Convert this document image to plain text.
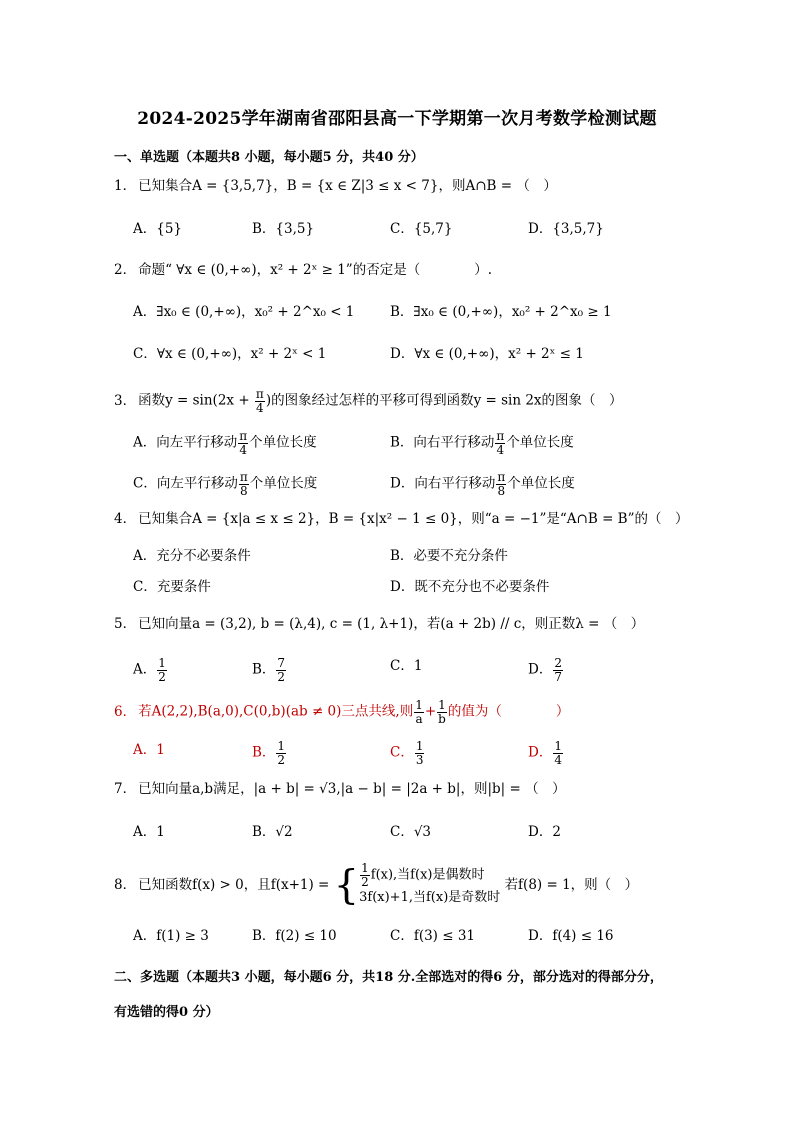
2024-2025学年湖南省邵阳县高一下学期第一次月考数学检测试题
一、单选题（本题共8 小题，每小题5 分，共40 分）
1． 已知集合A = {3,5,7}，B = {x ∈ Z|3 ≤ x < 7}，则A∩B = （　）
A．{5}	B．{3,5}	C．{5,7}	D．{3,5,7}
2． 命题“ ∀x ∈ (0,+∞)，x² + 2ˣ ≥ 1”的否定是（　　　　）.
A．∃x₀ ∈ (0,+∞)，x₀² + 2^x₀ < 1	B．∃x₀ ∈ (0,+∞)，x₀² + 2^x₀ ≥ 1
C．∀x ∈ (0,+∞)，x² + 2ˣ < 1	D．∀x ∈ (0,+∞)，x² + 2ˣ ≤ 1
3． 函数$y = \sin(2x + \frac{\pi}{4}$ )的图象经过怎样的平移可得到函数y = sin 2x的图象（　）
A．向左平行移动 $\frac{\pi}{4}$ 个单位长度	B．向右平行移动 $\frac{\pi}{4}$ 个单位长度
C．向左平行移动 $\frac{\pi}{8}$ 个单位长度	D．向右平行移动 $\frac{\pi}{8}$ 个单位长度
4． 已知集合A = {x|a ≤ x ≤ 2}，B = {x|x² − 1 ≤ 0}，则“a = −1”是“A∩B = B”的（　）
A．充分不必要条件	B．必要不充分条件
C．充要条件	D．既不充分也不必要条件
5． 已知向量a = (3,2), b = (λ,4), c = (1, λ+1)，若(a + 2b) // c，则正数λ = （　）
A． $\frac{1}{2}$	B． $\frac{7}{2}$	C．1	D． $\frac{2}{7}$
6． 若A(2,2),B(a,0),C(0,b)(ab ≠ 0)三点共线,则 $\frac{1}{a} + \frac{1}{b}$ 的值为（　　　　）
A．1	B． $\frac{1}{2}$	C． $\frac{1}{3}$	D． $\frac{1}{4}$
7． 已知向量a,b满足，|a + b| = √3,|a − b| = |2a + b|，则|b| = （　）
A．1	B．√2	C．√3	D．2
8． 已知函数f(x) > 0，且f(x+1) = { $\frac{1}{2} f(x)$,当f(x)是偶数时
3f(x)+1,当f(x)是奇数时
若f(8) = 1，则（　）
A．f(1) ≥ 3	B．f(2) ≤ 10	C．f(3) ≤ 31	D．f(4) ≤ 16
二、多选题（本题共3 小题，每小题6 分，共18 分.全部选对的得6 分，部分选对的得部分分，
有选错的得0 分）
